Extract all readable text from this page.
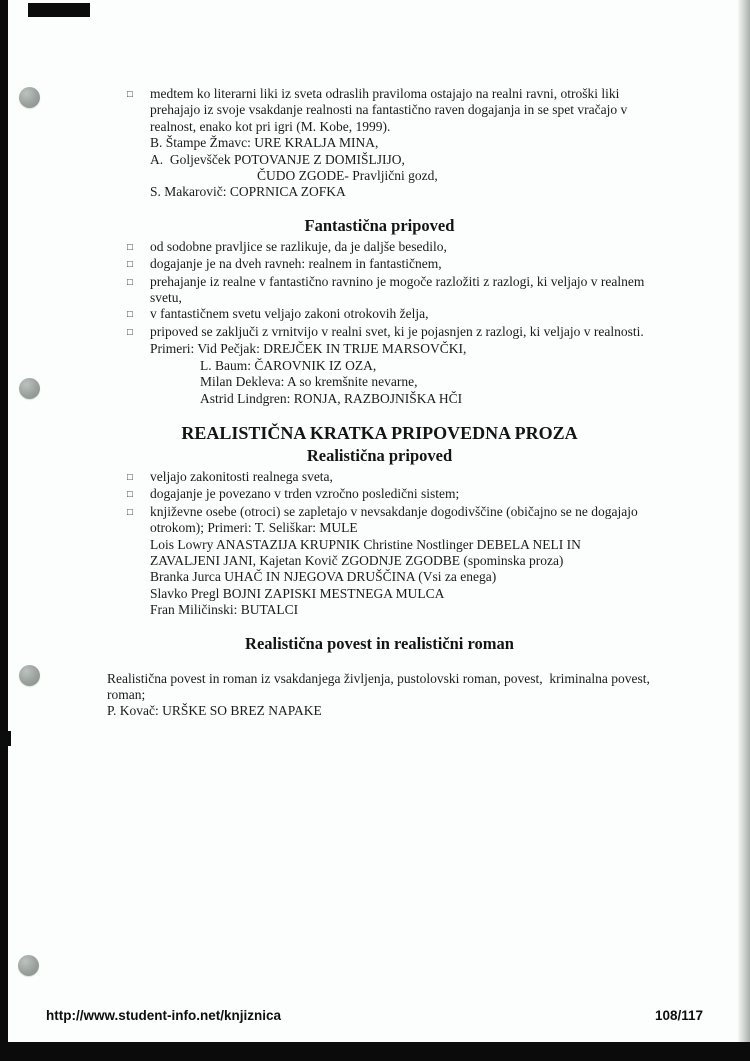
□	medtem ko literarni liki iz sveta odraslih praviloma ostajajo na realni ravni, otroški liki prehajajo iz svoje vsakdanje realnosti na fantastično raven dogajanja in se spet vračajo v realnost, enako kot pri igri (M. Kobe, 1999).
B. Štampe Žmavc: URE KRALJA MINA,
A.  Goljevšček POTOVANJE Z DOMIŠLJIJO,
ČUDO ZGODE- Pravljični gozd,
S. Makarovič: COPRNICA ZOFKA
Fantastična pripoved
□	od sodobne pravljice se razlikuje, da je daljše besedilo,
□	dogajanje je na dveh ravneh: realnem in fantastičnem,
□	prehajanje iz realne v fantastično ravnino je mogoče razložiti z razlogi, ki veljajo v realnem svetu,
□	v fantastičnem svetu veljajo zakoni otrokovih želja,
□	pripoved se zaključi z vrnitvijo v realni svet, ki je pojasnjen z razlogi, ki veljajo v realnosti.
Primeri: Vid Pečjak: DREJČEK IN TRIJE MARSOVČKI,
L. Baum: ČAROVNIK IZ OZA,
Milan Dekleva: A so kremšnite nevarne,
Astrid Lindgren: RONJA, RAZBOJNIŠKA HČI
REALISTIČNA KRATKA PRIPOVEDNA PROZA
Realistična pripoved
□	veljajo zakonitosti realnega sveta,
□	dogajanje je povezano v trden vzročno posledični sistem;
□	književne osebe (otroci) se zapletajo v nevsakdanje dogodivščine (običajno se ne dogajajo otrokom); Primeri: T. Seliškar: MULE
Lois Lowry ANASTAZIJA KRUPNIK Christine Nostlinger DEBELA NELI IN ZAVALJENI JANI, Kajetan Kovič ZGODNJE ZGODBE (spominska proza)
Branka Jurca UHAČ IN NJEGOVA DRUŠČINA (Vsi za enega)
Slavko Pregl BOJNI ZAPISKI MESTNEGA MULCA
Fran Miličinski: BUTALCI
Realistična povest in realistični roman
Realistična povest in roman iz vsakdanjega življenja, pustolovski roman, povest,  kriminalna povest, roman;
P. Kovač: URŠKE SO BREZ NAPAKE
http://www.student-info.net/knjiznica	108/117
